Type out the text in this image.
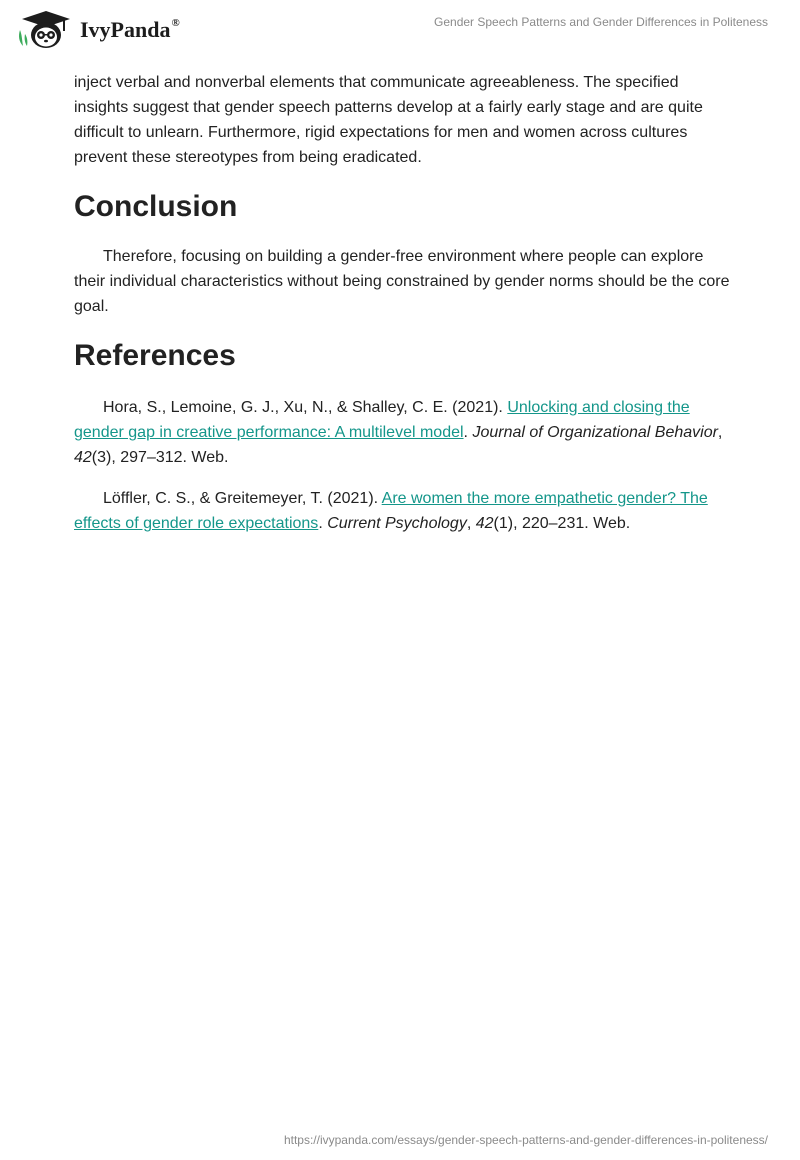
IvyPanda®	Gender Speech Patterns and Gender Differences in Politeness

inject verbal and nonverbal elements that communicate agreeableness. The specified insights suggest that gender speech patterns develop at a fairly early stage and are quite difficult to unlearn. Furthermore, rigid expectations for men and women across cultures prevent these stereotypes from being eradicated.

Conclusion

Therefore, focusing on building a gender-free environment where people can explore their individual characteristics without being constrained by gender norms should be the core goal.

References

Hora, S., Lemoine, G. J., Xu, N., & Shalley, C. E. (2021). Unlocking and closing the gender gap in creative performance: A multilevel model. Journal of Organizational Behavior, 42(3), 297–312. Web.

Löffler, C. S., & Greitemeyer, T. (2021). Are women the more empathetic gender? The effects of gender role expectations. Current Psychology, 42(1), 220–231. Web.

https://ivypanda.com/essays/gender-speech-patterns-and-gender-differences-in-politeness/
